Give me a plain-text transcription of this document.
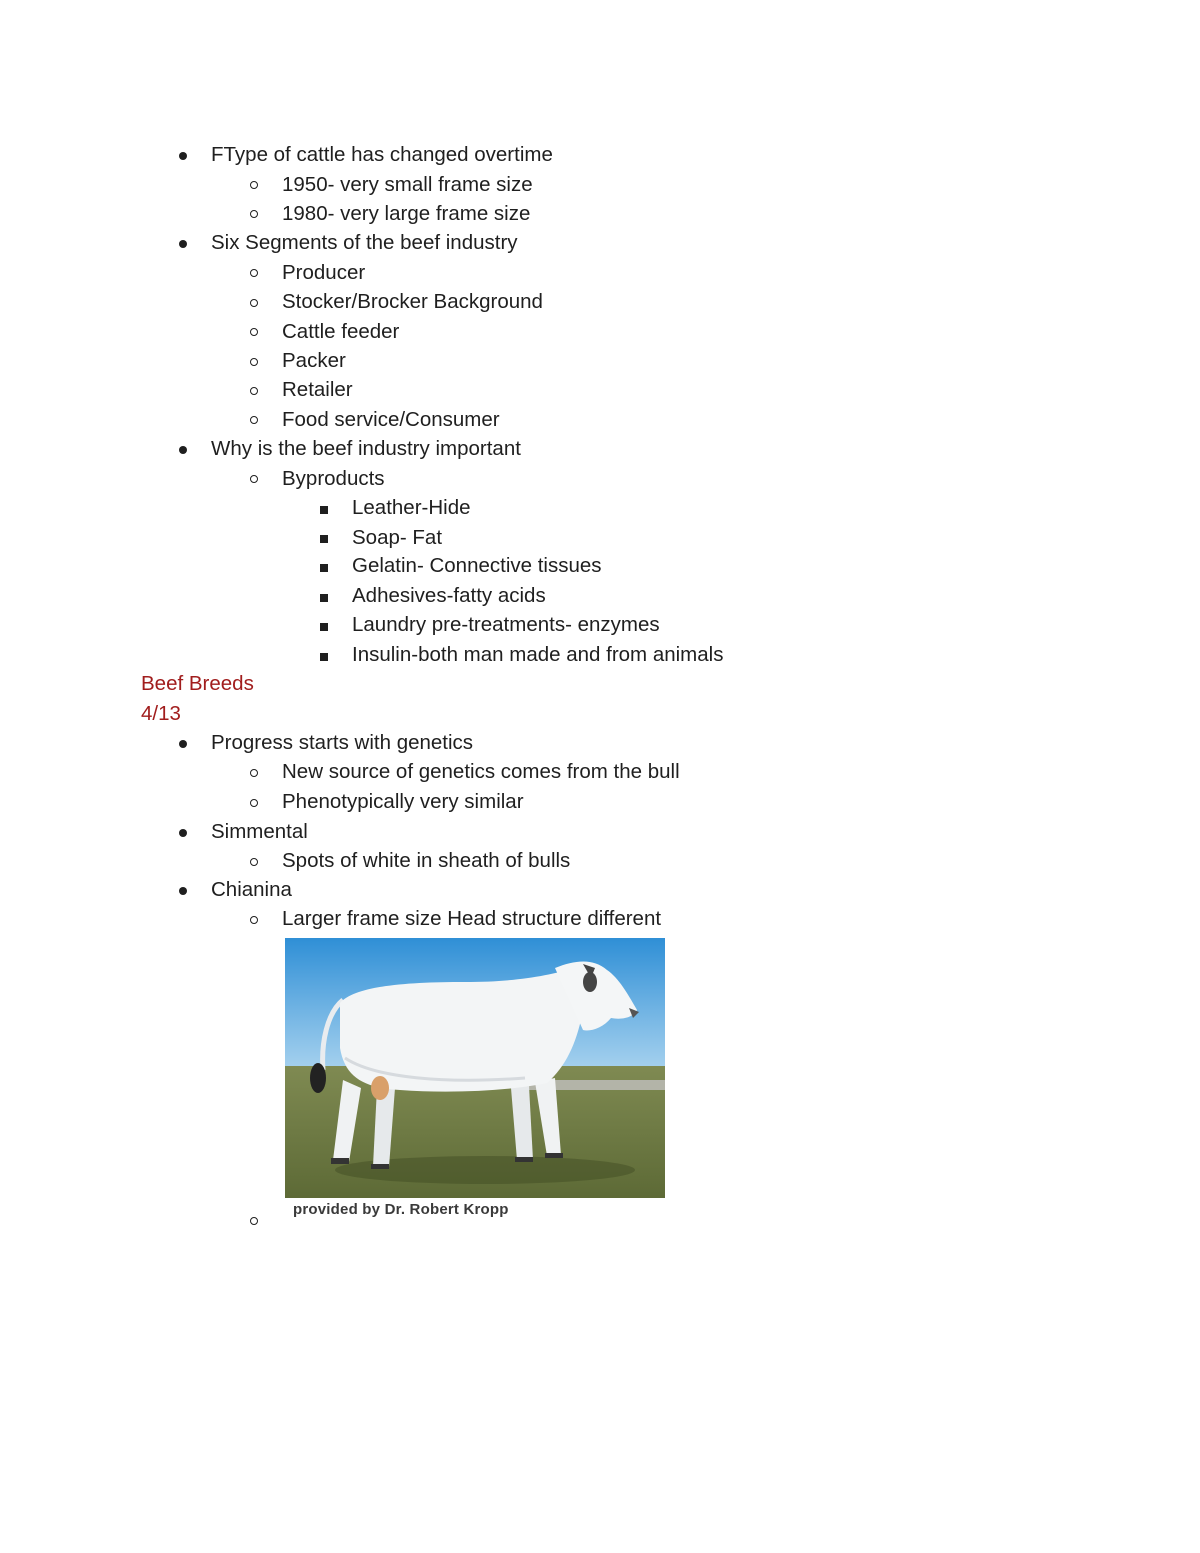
FType of cattle has changed overtime
1950- very small frame size
1980- very large frame size
Six Segments of the beef industry
Producer
Stocker/Brocker Background
Cattle feeder
Packer
Retailer
Food service/Consumer
Why is the beef industry important
Byproducts
Leather-Hide
Soap- Fat
Gelatin- Connective tissues
Adhesives-fatty acids
Laundry pre-treatments- enzymes
Insulin-both man made and from animals
Beef Breeds
4/13
Progress starts with genetics
New source of genetics comes from the bull
Phenotypically very similar
Simmental
Spots of white in sheath of bulls
Chianina
Larger frame size Head structure different
provided by Dr. Robert Kropp
